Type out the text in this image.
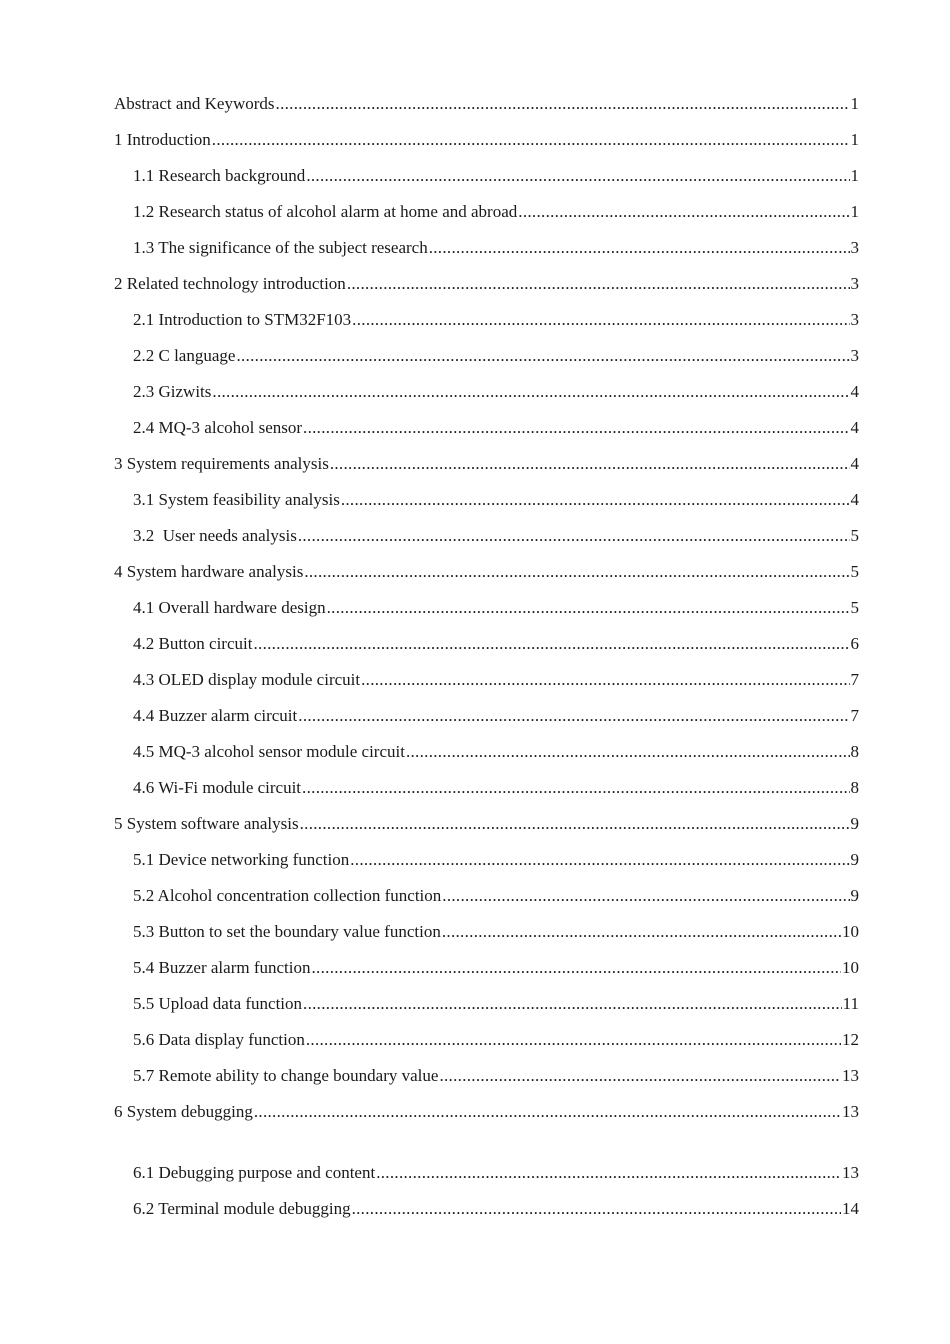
Abstract and Keywords .....	1
1 Introduction .....	1
1.1 Research background .....	1
1.2 Research status of alcohol alarm at home and abroad .....	1
1.3 The significance of the subject research .....	3
2 Related technology introduction .....	3
2.1 Introduction to STM32F103 .....	3
2.2 C language .....	3
2.3 Gizwits .....	4
2.4 MQ-3 alcohol sensor .....	4
3 System requirements analysis .....	4
3.1 System feasibility analysis .....	4
3.2  User needs analysis .....	5
4 System hardware analysis .....	5
4.1 Overall hardware design .....	5
4.2 Button circuit .....	6
4.3 OLED display module circuit .....	7
4.4 Buzzer alarm circuit .....	7
4.5 MQ-3 alcohol sensor module circuit .....	8
4.6 Wi-Fi module circuit .....	8
5 System software analysis .....	9
5.1 Device networking function .....	9
5.2 Alcohol concentration collection function .....	9
5.3 Button to set the boundary value function .....	10
5.4 Buzzer alarm function .....	10
5.5 Upload data function .....	11
5.6 Data display function .....	12
5.7 Remote ability to change boundary value .....	13
6 System debugging .....	13
6.1 Debugging purpose and content .....	13
6.2 Terminal module debugging .....	14
